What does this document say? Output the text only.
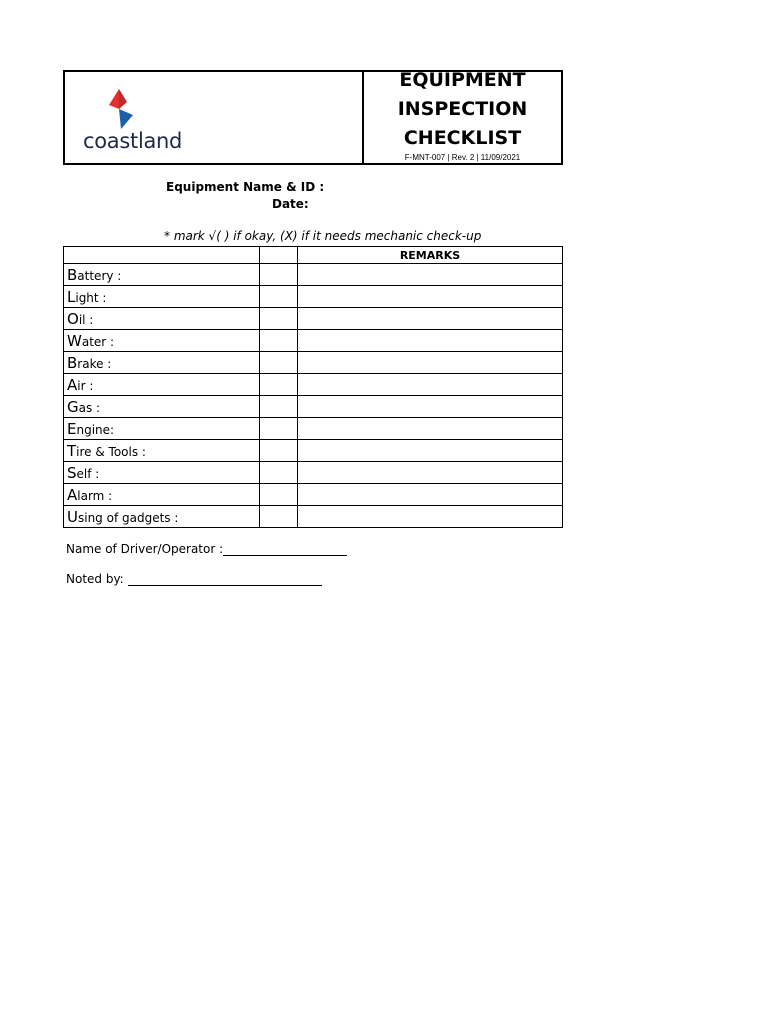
coastland
EQUIPMENT
INSPECTION
CHECKLIST
F-MNT-007 | Rev. 2 | 11/09/2021
Equipment Name & ID :
Date:
* mark √( ) if okay, (X) if it needs mechanic check-up
		REMARKS
Battery :		
Light :		
Oil :		
Water :		
Brake :		
Air :		
Gas :		
Engine:		
Tire & Tools :		
Self :		
Alarm :		
Using of gadgets :		
Name of Driver/Operator :
Noted by:
